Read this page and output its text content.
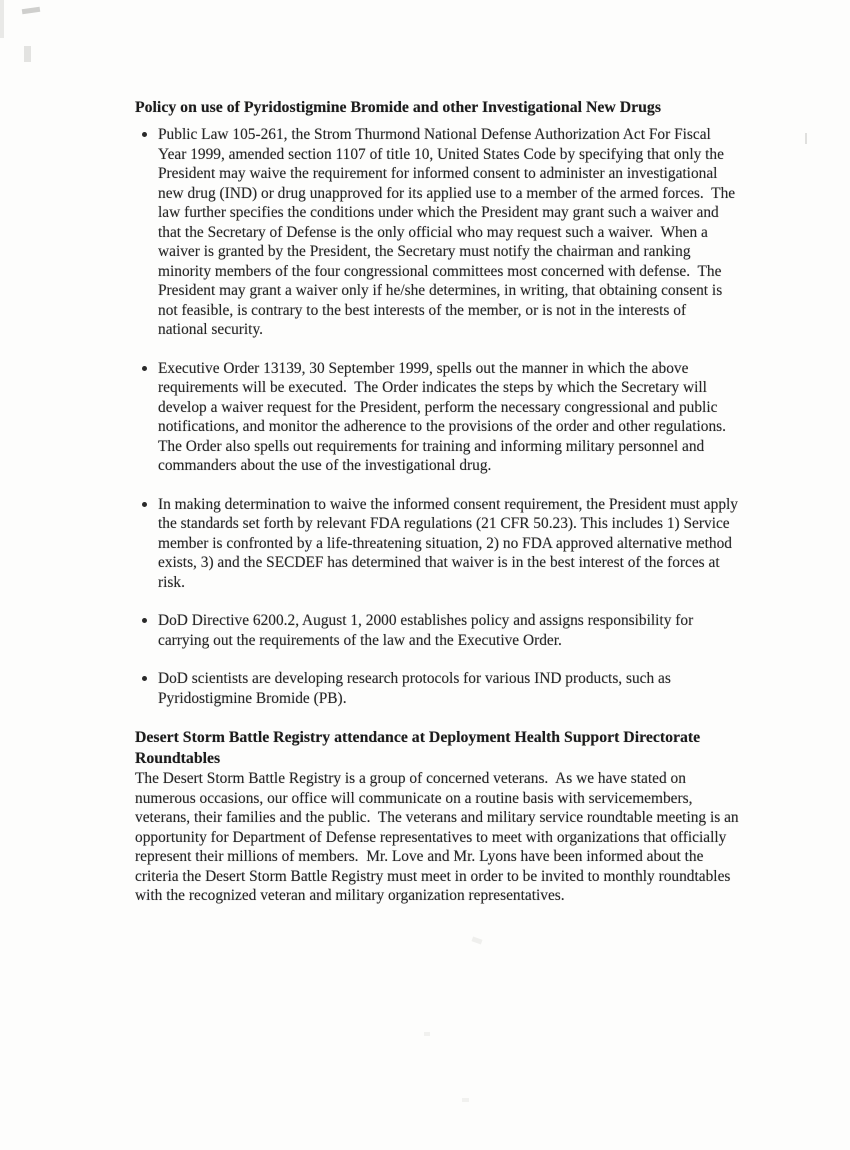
Policy on use of Pyridostigmine Bromide and other Investigational New Drugs
Public Law 105-261, the Strom Thurmond National Defense Authorization Act For Fiscal Year 1999, amended section 1107 of title 10, United States Code by specifying that only the President may waive the requirement for informed consent to administer an investigational new drug (IND) or drug unapproved for its applied use to a member of the armed forces.  The law further specifies the conditions under which the President may grant such a waiver and that the Secretary of Defense is the only official who may request such a waiver.  When a waiver is granted by the President, the Secretary must notify the chairman and ranking minority members of the four congressional committees most concerned with defense.  The President may grant a waiver only if he/she determines, in writing, that obtaining consent is not feasible, is contrary to the best interests of the member, or is not in the interests of national security.
Executive Order 13139, 30 September 1999, spells out the manner in which the above requirements will be executed.  The Order indicates the steps by which the Secretary will develop a waiver request for the President, perform the necessary congressional and public notifications, and monitor the adherence to the provisions of the order and other regulations.  The Order also spells out requirements for training and informing military personnel and commanders about the use of the investigational drug.
In making determination to waive the informed consent requirement, the President must apply the standards set forth by relevant FDA regulations (21 CFR 50.23). This includes 1) Service member is confronted by a life-threatening situation, 2) no FDA approved alternative method exists, 3) and the SECDEF has determined that waiver is in the best interest of the forces at risk.
DoD Directive 6200.2, August 1, 2000 establishes policy and assigns responsibility for carrying out the requirements of the law and the Executive Order.
DoD scientists are developing research protocols for various IND products, such as Pyridostigmine Bromide (PB).
Desert Storm Battle Registry attendance at Deployment Health Support Directorate Roundtables

The Desert Storm Battle Registry is a group of concerned veterans.  As we have stated on numerous occasions, our office will communicate on a routine basis with servicemembers, veterans, their families and the public.  The veterans and military service roundtable meeting is an opportunity for Department of Defense representatives to meet with organizations that officially represent their millions of members.  Mr. Love and Mr. Lyons have been informed about the criteria the Desert Storm Battle Registry must meet in order to be invited to monthly roundtables with the recognized veteran and military organization representatives.
